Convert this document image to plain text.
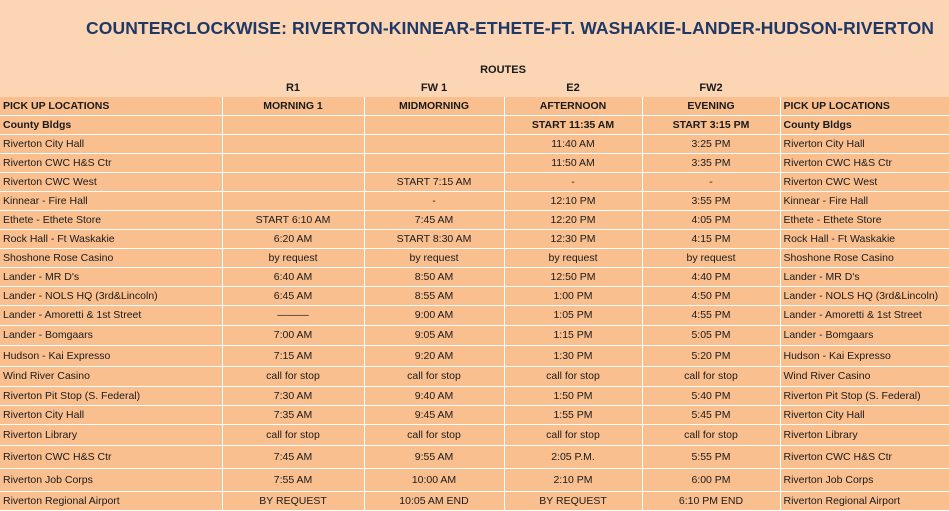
COUNTERCLOCKWISE: RIVERTON-KINNEAR-ETHETE-FT. WASHAKIE-LANDER-HUDSON-RIVERTON
		ROUTES			
	R1	FW 1	E2	FW2	
PICK UP LOCATIONS	MORNING 1	MIDMORNING	AFTERNOON	EVENING	PICK UP LOCATIONS
County Bldgs			START 11:35 AM	START 3:15 PM	County Bldgs
Riverton City Hall			11:40 AM	3:25 PM	Riverton City Hall
Riverton CWC H&S Ctr			11:50 AM	3:35 PM	Riverton CWC H&S Ctr
Riverton CWC West		START 7:15 AM	-	-	Riverton CWC West
Kinnear - Fire Hall		-	12:10 PM	3:55 PM	Kinnear - Fire Hall
Ethete - Ethete Store	START 6:10 AM	7:45 AM	12:20 PM	4:05 PM	Ethete - Ethete Store
Rock Hall - Ft Waskakie	6:20 AM	START 8:30 AM	12:30 PM	4:15 PM	Rock Hall - Ft Waskakie
Shoshone Rose Casino	by request	by request	by request	by request	Shoshone Rose Casino
Lander - MR D's	6:40 AM	8:50 AM	12:50 PM	4:40 PM	Lander - MR D's
Lander - NOLS HQ (3rd&Lincoln)	6:45 AM	8:55 AM	1:00 PM	4:50 PM	Lander - NOLS HQ (3rd&Lincoln)
Lander - Amoretti & 1st Street	———	9:00 AM	1:05 PM	4:55 PM	Lander - Amoretti & 1st Street
Lander - Bomgaars	7:00 AM	9:05 AM	1:15 PM	5:05 PM	Lander - Bomgaars
Hudson - Kai Expresso	7:15 AM	9:20 AM	1:30 PM	5:20 PM	Hudson - Kai Expresso
Wind River Casino	call for stop	call for stop	call for stop	call for stop	Wind River Casino
Riverton Pit Stop (S. Federal)	7:30 AM	9:40 AM	1:50 PM	5:40 PM	Riverton Pit Stop (S. Federal)
Riverton City Hall	7:35 AM	9:45 AM	1:55 PM	5:45 PM	Riverton City Hall
Riverton Library	call for stop	call for stop	call for stop	call for stop	Riverton Library
Riverton CWC H&S Ctr	7:45 AM	9:55 AM	2:05 P.M.	5:55 PM	Riverton CWC H&S Ctr
Riverton Job Corps	7:55 AM	10:00 AM	2:10 PM	6:00 PM	Riverton Job Corps
Riverton Regional Airport	BY REQUEST	10:05 AM END	BY REQUEST	6:10 PM END	Riverton Regional Airport
